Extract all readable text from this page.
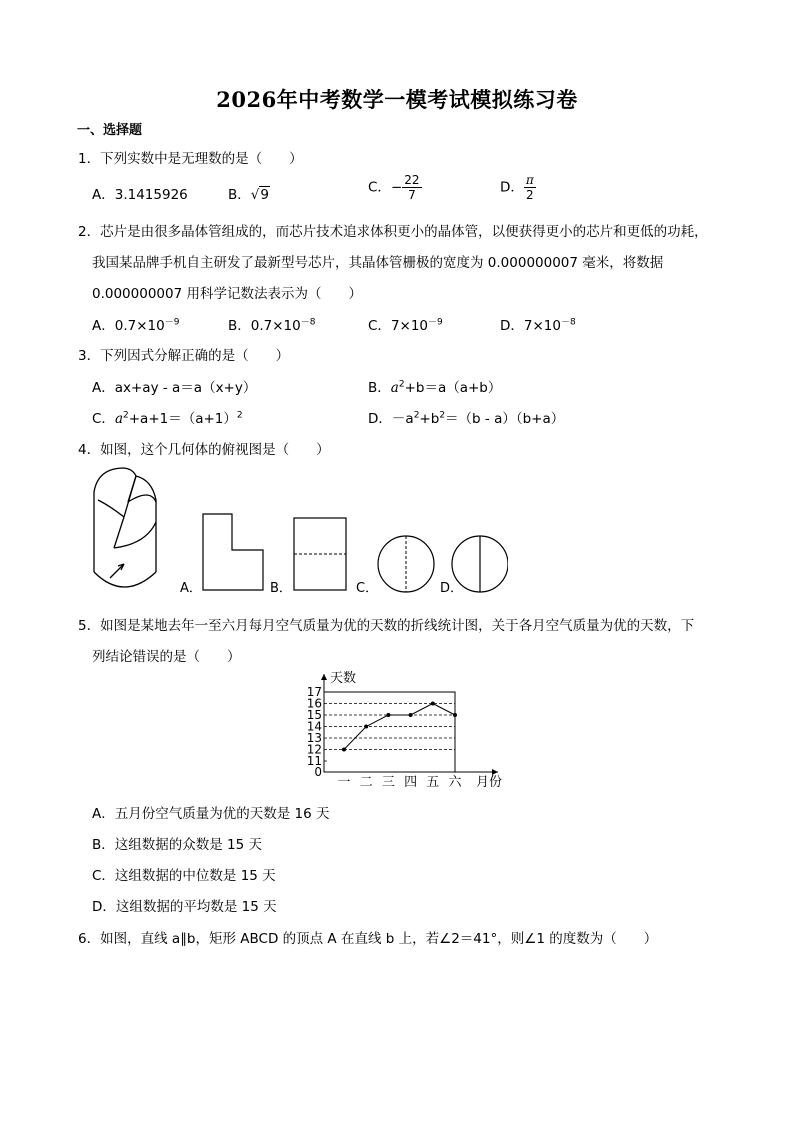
2026年中考数学一模考试模拟练习卷
一、选择题
1．下列实数中是无理数的是（　　）
A．3.1415926	B．√9	C．− $\frac{22}{7}$	D． $\frac{\pi}{2}$
2．芯片是由很多晶体管组成的，而芯片技术追求体积更小的晶体管，以便获得更小的芯片和更低的功耗，
我国某品牌手机自主研发了最新型号芯片，其晶体管栅极的宽度为 0.000000007 毫米，将数据
0.000000007 用科学记数法表示为（　　）
A．$0.7\times 10^{-9}$	B．$0.7\times 10^{-8}$	C．$7\times 10^{-9}$	D．$7\times 10^{-8}$
3．下列因式分解正确的是（　　）
A．ax+ay - a＝a（x+y）	B．$a^2+b=a(a+b)$
C．$a^2+a+1=(a+1)^2$	D．$-a^2+b^2=(b - a)(b+a)$
4．如图，这个几何体的俯视图是（　　）
A．	B．	C．	D．
5．如图是某地去年一至六月每月空气质量为优的天数的折线统计图，关于各月空气质量为优的天数，下
列结论错误的是（　　）
天数
月份
0
11
12
13
14
15
16
17
一 二 三 四 五 六
A．五月份空气质量为优的天数是 16 天
B．这组数据的众数是 15 天
C．这组数据的中位数是 15 天
D．这组数据的平均数是 15 天
6．如图，直线 a∥b，矩形 ABCD 的顶点 A 在直线 b 上，若∠2＝41°，则∠1 的度数为（　　）
